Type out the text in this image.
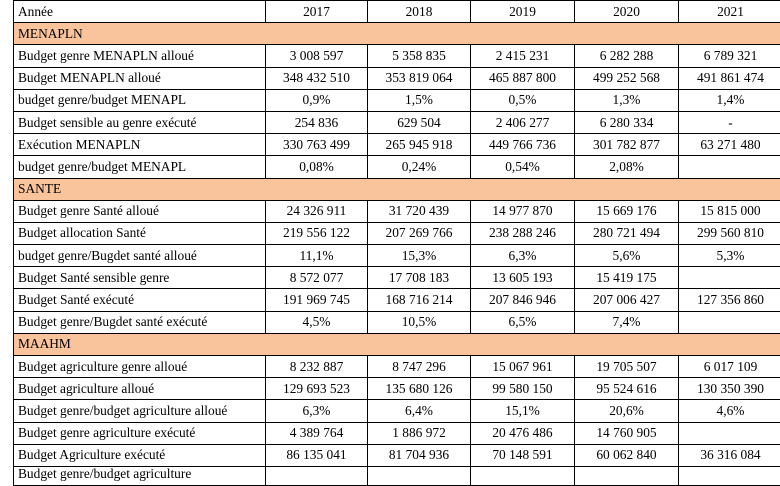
Année	2017	2018	2019	2020	2021
MENAPLN					
Budget genre MENAPLN alloué	3 008 597	5 358 835	2 415 231	6 282 288	6 789 321
Budget MENAPLN alloué	348 432 510	353 819 064	465 887 800	499 252 568	491 861 474
budget genre/budget MENAPL	0,9%	1,5%	0,5%	1,3%	1,4%
Budget sensible au genre exécuté	254 836	629 504	2 406 277	6 280 334	-
Exécution MENAPLN	330 763 499	265 945 918	449 766 736	301 782 877	63 271 480
budget genre/budget MENAPL	0,08%	0,24%	0,54%	2,08%	
SANTE					
Budget genre Santé alloué	24 326 911	31 720 439	14 977 870	15 669 176	15 815 000
Budget allocation Santé	219 556 122	207 269 766	238 288 246	280 721 494	299 560 810
budget genre/Bugdet santé alloué	11,1%	15,3%	6,3%	5,6%	5,3%
Budget Santé sensible genre	8 572 077	17 708 183	13 605 193	15 419 175	
Budget Santé exécuté	191 969 745	168 716 214	207 846 946	207 006 427	127 356 860
Budget genre/Bugdet santé exécuté	4,5%	10,5%	6,5%	7,4%	
MAAHM					
Budget agriculture genre alloué	8 232 887	8 747 296	15 067 961	19 705 507	6 017 109
Budget agriculture alloué	129 693 523	135 680 126	99 580 150	95 524 616	130 350 390
Budget genre/budget agriculture alloué	6,3%	6,4%	15,1%	20,6%	4,6%
Budget genre agriculture exécuté	4 389 764	1 886 972	20 476 486	14 760 905	
Budget Agriculture exécuté	86 135 041	81 704 936	70 148 591	60 062 840	36 316 084
Budget genre/budget agriculture					
